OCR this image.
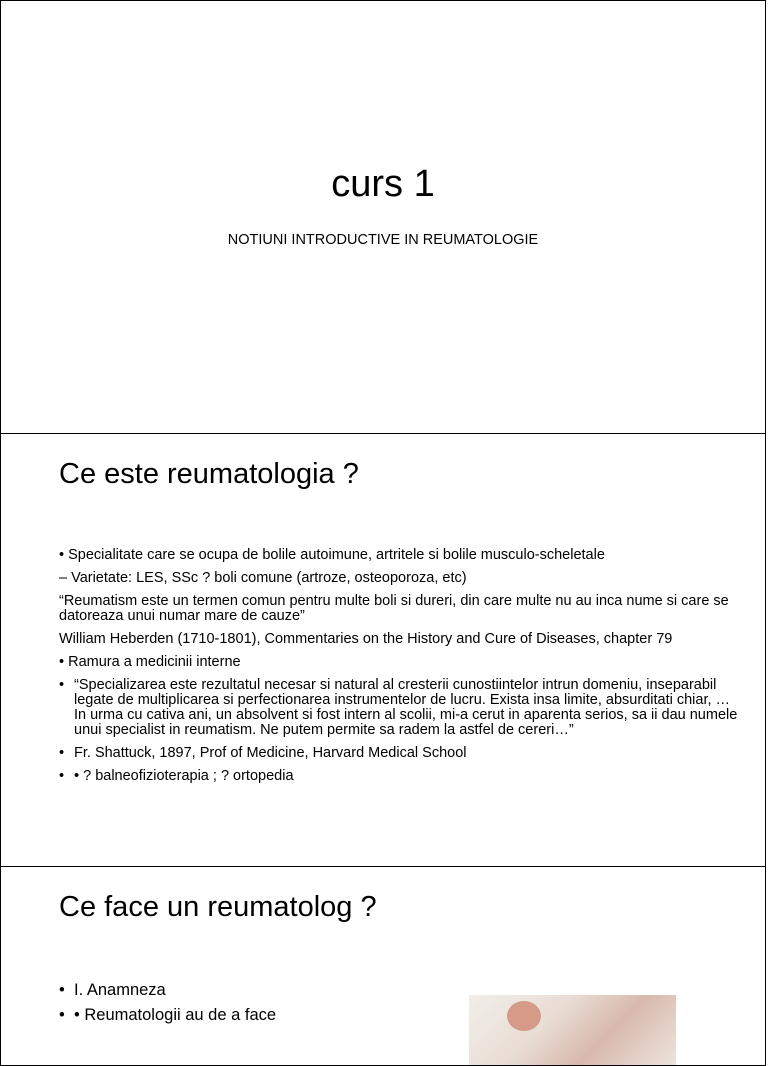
curs 1
NOTIUNI INTRODUCTIVE IN REUMATOLOGIE
Ce este reumatologia ?
• Specialitate care se ocupa de bolile autoimune, artritele si bolile musculo-scheletale
– Varietate: LES, SSc ? boli comune (artroze, osteoporoza, etc)
“Reumatism este un termen comun pentru multe boli si dureri, din care multe nu au inca nume si care se datoreaza unui numar mare de cauze”
William Heberden (1710-1801), Commentaries on the History and Cure of Diseases, chapter 79
• Ramura a medicinii interne
• “Specializarea este rezultatul necesar si natural al cresterii cunostiintelor intrun domeniu, inseparabil legate de multiplicarea si perfectionarea instrumentelor de lucru. Exista insa limite, absurditati chiar, …In urma cu cativa ani, un absolvent si fost intern al scolii, mi-a cerut in aparenta serios, sa ii dau numele unui specialist in reumatism. Ne putem permite sa radem la astfel de cereri…”
• Fr. Shattuck, 1897, Prof of Medicine, Harvard Medical School
• • ? balneofizioterapia ; ? ortopedia
Ce face un reumatolog ?
• I. Anamneza
• • Reumatologii au de a face
